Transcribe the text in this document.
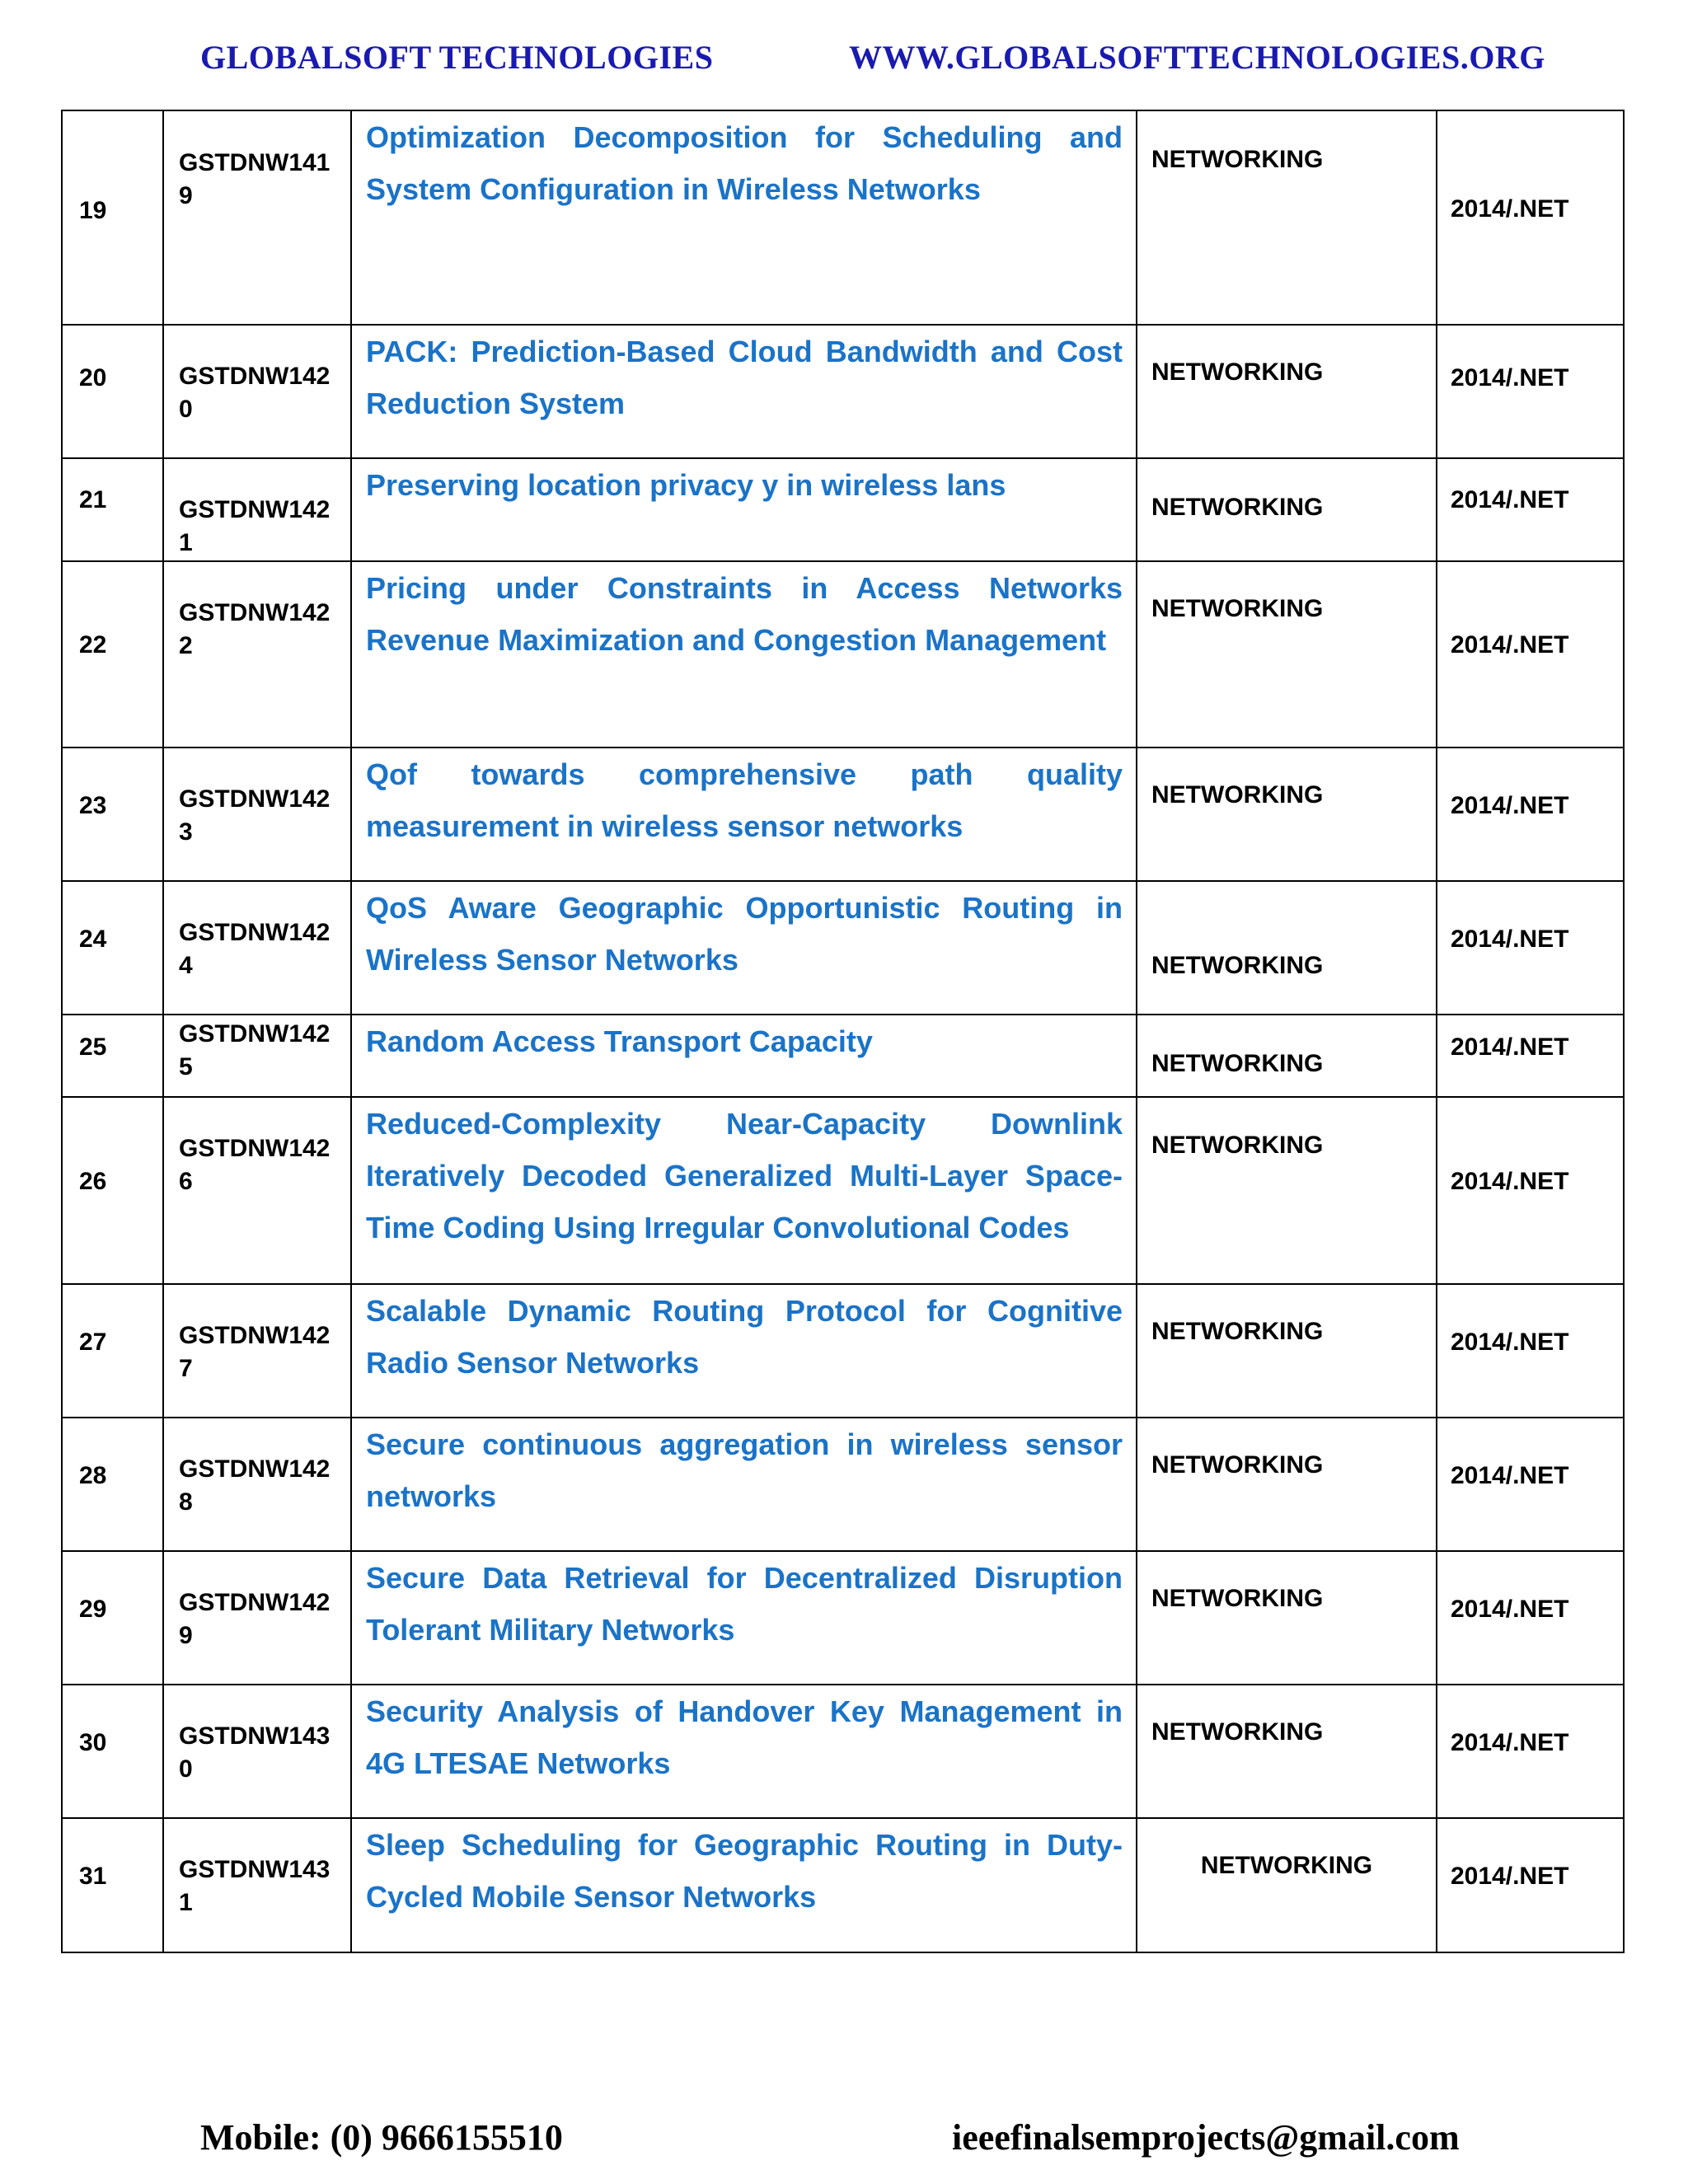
GLOBALSOFT TECHNOLOGIES	WWW.GLOBALSOFTTECHNOLOGIES.ORG
19	GSTDNW1419	Optimization Decomposition for Scheduling and System Configuration in Wireless Networks	NETWORKING	2014/.NET

20	GSTDNW1420	PACK: Prediction-Based Cloud Bandwidth and Cost Reduction System	NETWORKING	2014/.NET

21	GSTDNW1421	Preserving location privacy y in wireless lans	NETWORKING	2014/.NET

22	GSTDNW1422	Pricing under Constraints in Access Networks Revenue Maximization and Congestion Management	NETWORKING	2014/.NET

23	GSTDNW1423	Qof towards comprehensive path quality measurement in wireless sensor networks	NETWORKING	2014/.NET

24	GSTDNW1424	QoS Aware Geographic Opportunistic Routing in Wireless Sensor Networks	NETWORKING	2014/.NET

25	GSTDNW1425	Random Access Transport Capacity	NETWORKING	2014/.NET

26	GSTDNW1426	Reduced-Complexity Near-Capacity Downlink Iteratively Decoded Generalized Multi-Layer Space-Time Coding Using Irregular Convolutional Codes	NETWORKING	2014/.NET

27	GSTDNW1427	Scalable Dynamic Routing Protocol for Cognitive Radio Sensor Networks	NETWORKING	2014/.NET

28	GSTDNW1428	Secure continuous aggregation in wireless sensor networks	NETWORKING	2014/.NET

29	GSTDNW1429	Secure Data Retrieval for Decentralized Disruption Tolerant Military Networks	NETWORKING	2014/.NET

30	GSTDNW1430	Security Analysis of Handover Key Management in 4G LTESAE Networks	NETWORKING	2014/.NET

31	GSTDNW1431	Sleep Scheduling for Geographic Routing in Duty-Cycled Mobile Sensor Networks	NETWORKING	2014/.NET
Mobile: (0) 9666155510	ieeefinalsemprojects@gmail.com
